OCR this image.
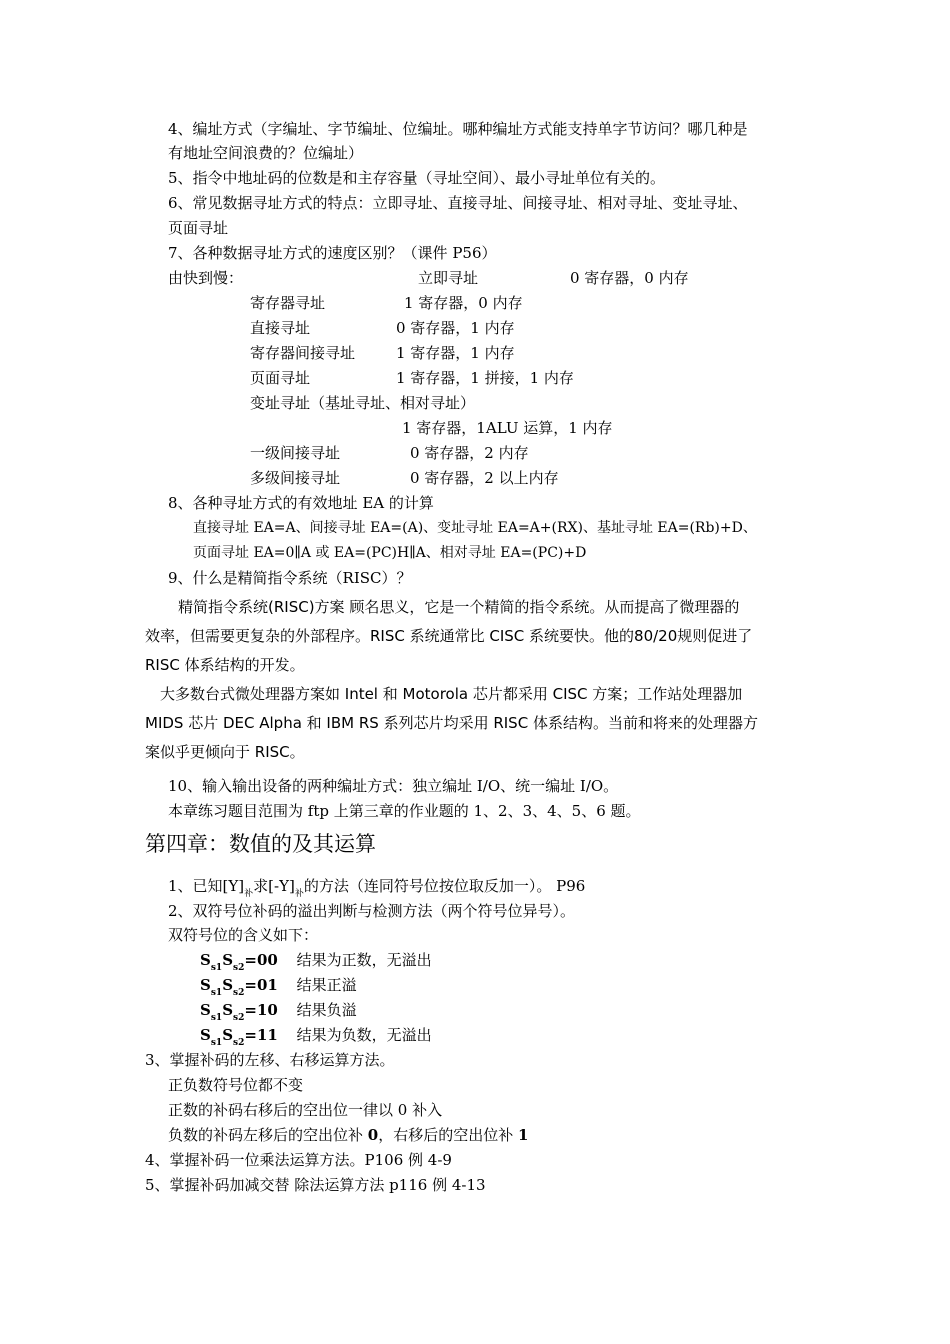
4、编址方式（字编址、字节编址、位编址。哪种编址方式能支持单字节访问？哪几种是
有地址空间浪费的？位编址）
5、指令中地址码的位数是和主存容量（寻址空间）、最小寻址单位有关的。
6、常见数据寻址方式的特点：立即寻址、直接寻址、间接寻址、相对寻址、变址寻址、
页面寻址
7、各种数据寻址方式的速度区别？（课件 P56）
由快到慢：	立即寻址	0 寄存器，0 内存
寄存器寻址	1 寄存器，0 内存
直接寻址	0 寄存器，1 内存
寄存器间接寻址	1 寄存器，1 内存
页面寻址	1 寄存器，1 拼接，1 内存
变址寻址（基址寻址、相对寻址）
1 寄存器，1ALU 运算，1 内存
一级间接寻址	0 寄存器，2 内存
多级间接寻址	0 寄存器，2 以上内存
8、各种寻址方式的有效地址 EA 的计算
直接寻址 EA=A、间接寻址 EA=(A)、变址寻址 EA=A+(RX)、基址寻址 EA=(Rb)+D、
页面寻址 EA=0∥A 或 EA=(PC)H∥A、相对寻址 EA=(PC)+D
9、什么是精简指令系统（RISC）？
精简指令系统(RISC)方案 顾名思义，它是一个精简的指令系统。从而提高了微理器的
效率，但需要更复杂的外部程序。RISC 系统通常比 CISC 系统要快。他的80/20规则促进了
RISC 体系结构的开发。
大多数台式微处理器方案如 Intel 和 Motorola 芯片都采用 CISC 方案；工作站处理器加
MIDS 芯片 DEC Alpha 和 IBM RS 系列芯片均采用 RISC 体系结构。当前和将来的处理器方
案似乎更倾向于 RISC。
10、输入输出设备的两种编址方式：独立编址 I/O、统一编址 I/O。
本章练习题目范围为 ftp 上第三章的作业题的 1、2、3、4、5、6 题。
第四章：数值的及其运算
1、已知$[Y]_补$求$[-Y]_补$的方法（连同符号位按位取反加一）。 P96
2、双符号位补码的溢出判断与检测方法（两个符号位异号）。
双符号位的含义如下：
$S_{s1}S_{s2}=00$ 结果为正数，无溢出
$S_{s1}S_{s2}=01$ 结果正溢
$S_{s1}S_{s2}=10$ 结果负溢
$S_{s1}S_{s2}=11$ 结果为负数，无溢出
3、掌握补码的左移、右移运算方法。
正负数符号位都不变
正数的补码右移后的空出位一律以 0 补入
负数的补码左移后的空出位补 0，右移后的空出位补 1
4、掌握补码一位乘法运算方法。P106 例 4-9
5、掌握补码加减交替 除法运算方法 p116 例 4-13
